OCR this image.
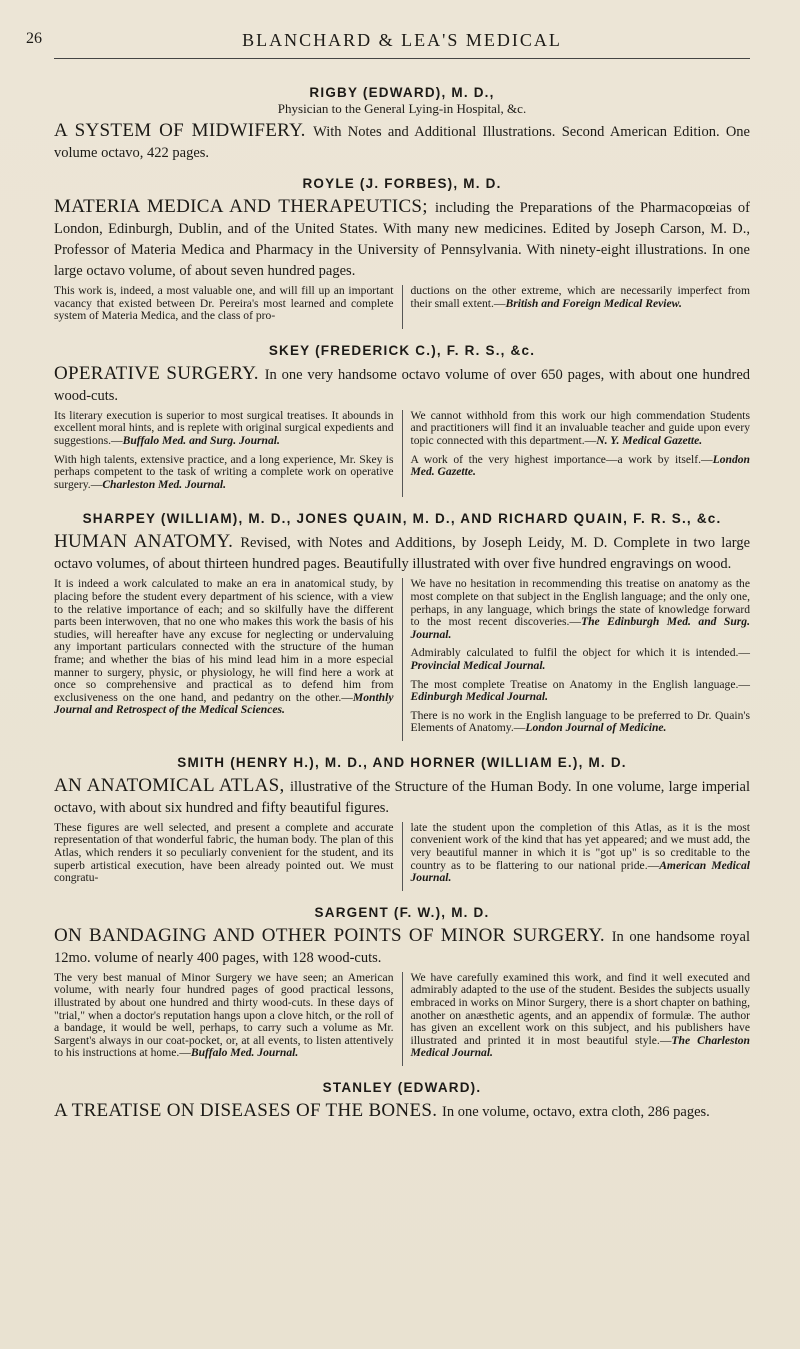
26	BLANCHARD & LEA'S MEDICAL
RIGBY (EDWARD), M. D.,
Physician to the General Lying-in Hospital, &c.
A SYSTEM OF MIDWIFERY. With Notes and Additional Illustrations. Second American Edition. One volume octavo, 422 pages.
ROYLE (J. FORBES), M. D.
MATERIA MEDICA AND THERAPEUTICS; including the Preparations of the Pharmacopœias of London, Edinburgh, Dublin, and of the United States. With many new medicines. Edited by Joseph Carson, M. D., Professor of Materia Medica and Pharmacy in the University of Pennsylvania. With ninety-eight illustrations. In one large octavo volume, of about seven hundred pages.

This work is, indeed, a most valuable one, and will fill up an important vacancy that existed between Dr. Pereira's most learned and complete system of Materia Medica, and the class of pro-

ductions on the other extreme, which are necessarily imperfect from their small extent.—British and Foreign Medical Review.

SKEY (FREDERICK C.), F. R. S., &c.
OPERATIVE SURGERY. In one very handsome octavo volume of over 650 pages, with about one hundred wood-cuts.

Its literary execution is superior to most surgical treatises. It abounds in excellent moral hints, and is replete with original surgical expedients and suggestions.—Buffalo Med. and Surg. Journal.

With high talents, extensive practice, and a long experience, Mr. Skey is perhaps competent to the task of writing a complete work on operative surgery.—Charleston Med. Journal.

We cannot withhold from this work our high commendation Students and practitioners will find it an invaluable teacher and guide upon every topic connected with this department.—N. Y. Medical Gazette.

A work of the very highest importance—a work by itself.—London Med. Gazette.

SHARPEY (WILLIAM), M. D., JONES QUAIN, M. D., AND RICHARD QUAIN, F. R. S., &c.
HUMAN ANATOMY. Revised, with Notes and Additions, by Joseph Leidy, M. D. Complete in two large octavo volumes, of about thirteen hundred pages. Beautifully illustrated with over five hundred engravings on wood.

It is indeed a work calculated to make an era in anatomical study, by placing before the student every department of his science, with a view to the relative importance of each; and so skilfully have the different parts been interwoven, that no one who makes this work the basis of his studies, will hereafter have any excuse for neglecting or undervaluing any important particulars connected with the structure of the human frame; and whether the bias of his mind lead him in a more especial manner to surgery, physic, or physiology, he will find here a work at once so comprehensive and practical as to defend him from exclusiveness on the one hand, and pedantry on the other.—Monthly Journal and Retrospect of the Medical Sciences.

We have no hesitation in recommending this treatise on anatomy as the most complete on that subject in the English language; and the only one, perhaps, in any language, which brings the state of knowledge forward to the most recent discoveries.—The Edinburgh Med. and Surg. Journal.

Admirably calculated to fulfil the object for which it is intended.—Provincial Medical Journal.

The most complete Treatise on Anatomy in the English language.—Edinburgh Medical Journal.

There is no work in the English language to be preferred to Dr. Quain's Elements of Anatomy.—London Journal of Medicine.

SMITH (HENRY H.), M. D., AND HORNER (WILLIAM E.), M. D.
AN ANATOMICAL ATLAS, illustrative of the Structure of the Human Body. In one volume, large imperial octavo, with about six hundred and fifty beautiful figures.

These figures are well selected, and present a complete and accurate representation of that wonderful fabric, the human body. The plan of this Atlas, which renders it so peculiarly convenient for the student, and its superb artistical execution, have been already pointed out. We must congratu-

late the student upon the completion of this Atlas, as it is the most convenient work of the kind that has yet appeared; and we must add, the very beautiful manner in which it is "got up" is so creditable to the country as to be flattering to our national pride.—American Medical Journal.

SARGENT (F. W.), M. D.
ON BANDAGING AND OTHER POINTS OF MINOR SURGERY. In one handsome royal 12mo. volume of nearly 400 pages, with 128 wood-cuts.

The very best manual of Minor Surgery we have seen; an American volume, with nearly four hundred pages of good practical lessons, illustrated by about one hundred and thirty wood-cuts. In these days of "trial," when a doctor's reputation hangs upon a clove hitch, or the roll of a bandage, it would be well, perhaps, to carry such a volume as Mr. Sargent's always in our coat-pocket, or, at all events, to listen attentively to his instructions at home.—Buffalo Med. Journal.

We have carefully examined this work, and find it well executed and admirably adapted to the use of the student. Besides the subjects usually embraced in works on Minor Surgery, there is a short chapter on bathing, another on anæsthetic agents, and an appendix of formulæ. The author has given an excellent work on this subject, and his publishers have illustrated and printed it in most beautiful style.—The Charleston Medical Journal.

STANLEY (EDWARD).
A TREATISE ON DISEASES OF THE BONES. In one volume, octavo, extra cloth, 286 pages.
